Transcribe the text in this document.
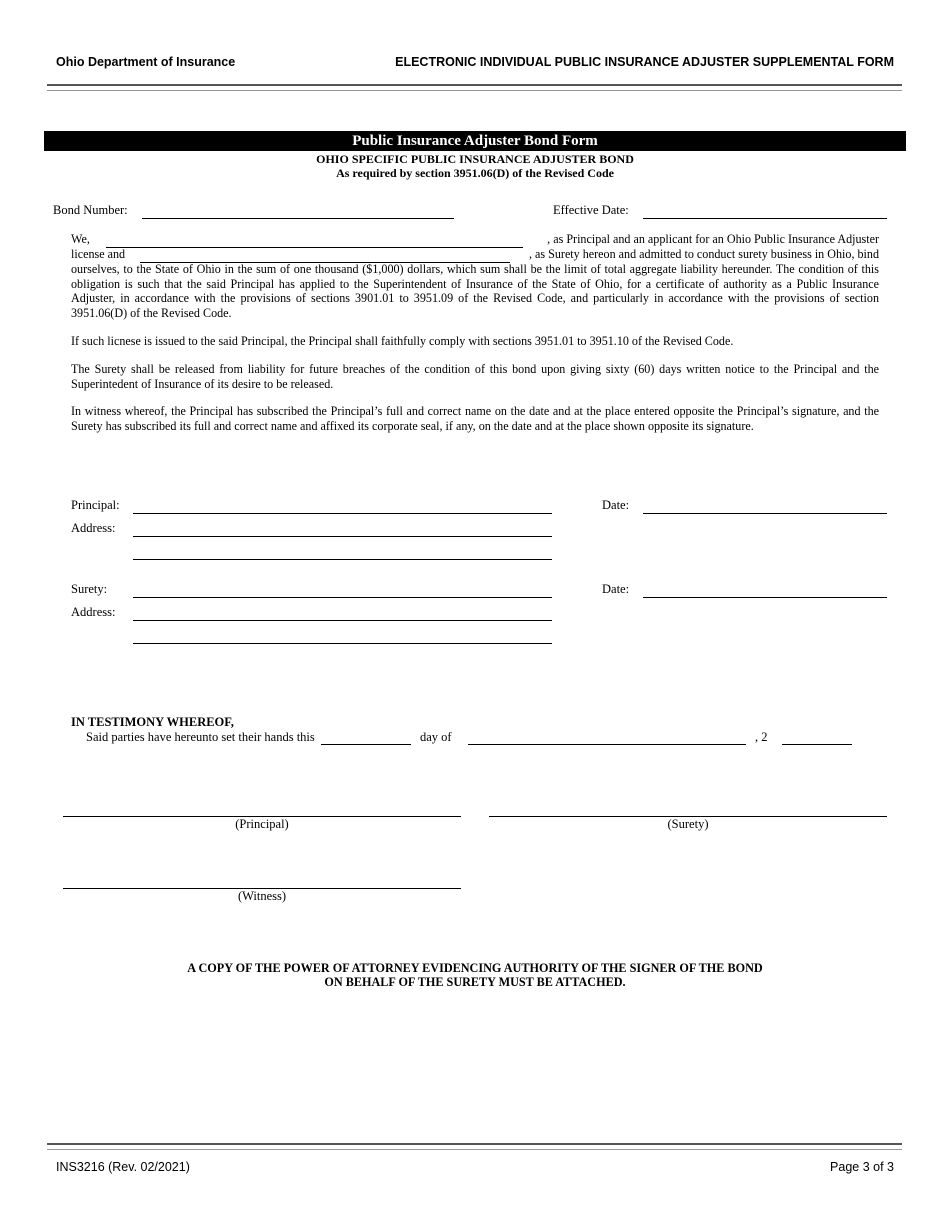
Ohio Department of Insurance	ELECTRONIC INDIVIDUAL PUBLIC INSURANCE ADJUSTER SUPPLEMENTAL FORM
Public Insurance Adjuster Bond Form
OHIO SPECIFIC PUBLIC INSURANCE ADJUSTER BOND
As required by section 3951.06(D) of the Revised Code
Bond Number:	Effective Date:
We,	, as Principal and an applicant for an Ohio Public Insurance Adjuster
license and	, as Surety hereon and admitted to conduct surety business in Ohio, bind

ourselves, to the State of Ohio in the sum of one thousand ($1,000) dollars, which sum shall be the limit of total aggregate liability hereunder. The condition of this obligation is such that the said Principal has applied to the Superintendent of Insurance of the State of Ohio, for a certificate of authority as a Public Insurance Adjuster, in accordance with the provisions of sections 3901.01 to 3951.09 of the Revised Code, and particularly in accordance with the provisions of section 3951.06(D) of the Revised Code.

If such licnese is issued to the said Principal, the Principal shall faithfully comply with sections 3951.01 to 3951.10 of the Revised Code.

The Surety shall be released from liability for future breaches of the condition of this bond upon giving sixty (60) days written notice to the Principal and the Superintedent of Insurance of its desire to be released.

In witness whereof, the Principal has subscribed the Principal’s full and correct name on the date and at the place entered opposite the Principal’s signature, and the Surety has subscribed its full and correct name and affixed its corporate seal, if any, on the date and at the place shown opposite its signature.

Principal:	Date:
Address:
Surety:	Date:
Address:
IN TESTIMONY WHEREOF,
Said parties have hereunto set their hands this	day of	, 2
(Principal)	(Surety)
(Witness)
A COPY OF THE POWER OF ATTORNEY EVIDENCING AUTHORITY OF THE SIGNER OF THE BOND
ON BEHALF OF THE SURETY MUST BE ATTACHED.
INS3216 (Rev. 02/2021)	Page 3 of 3
